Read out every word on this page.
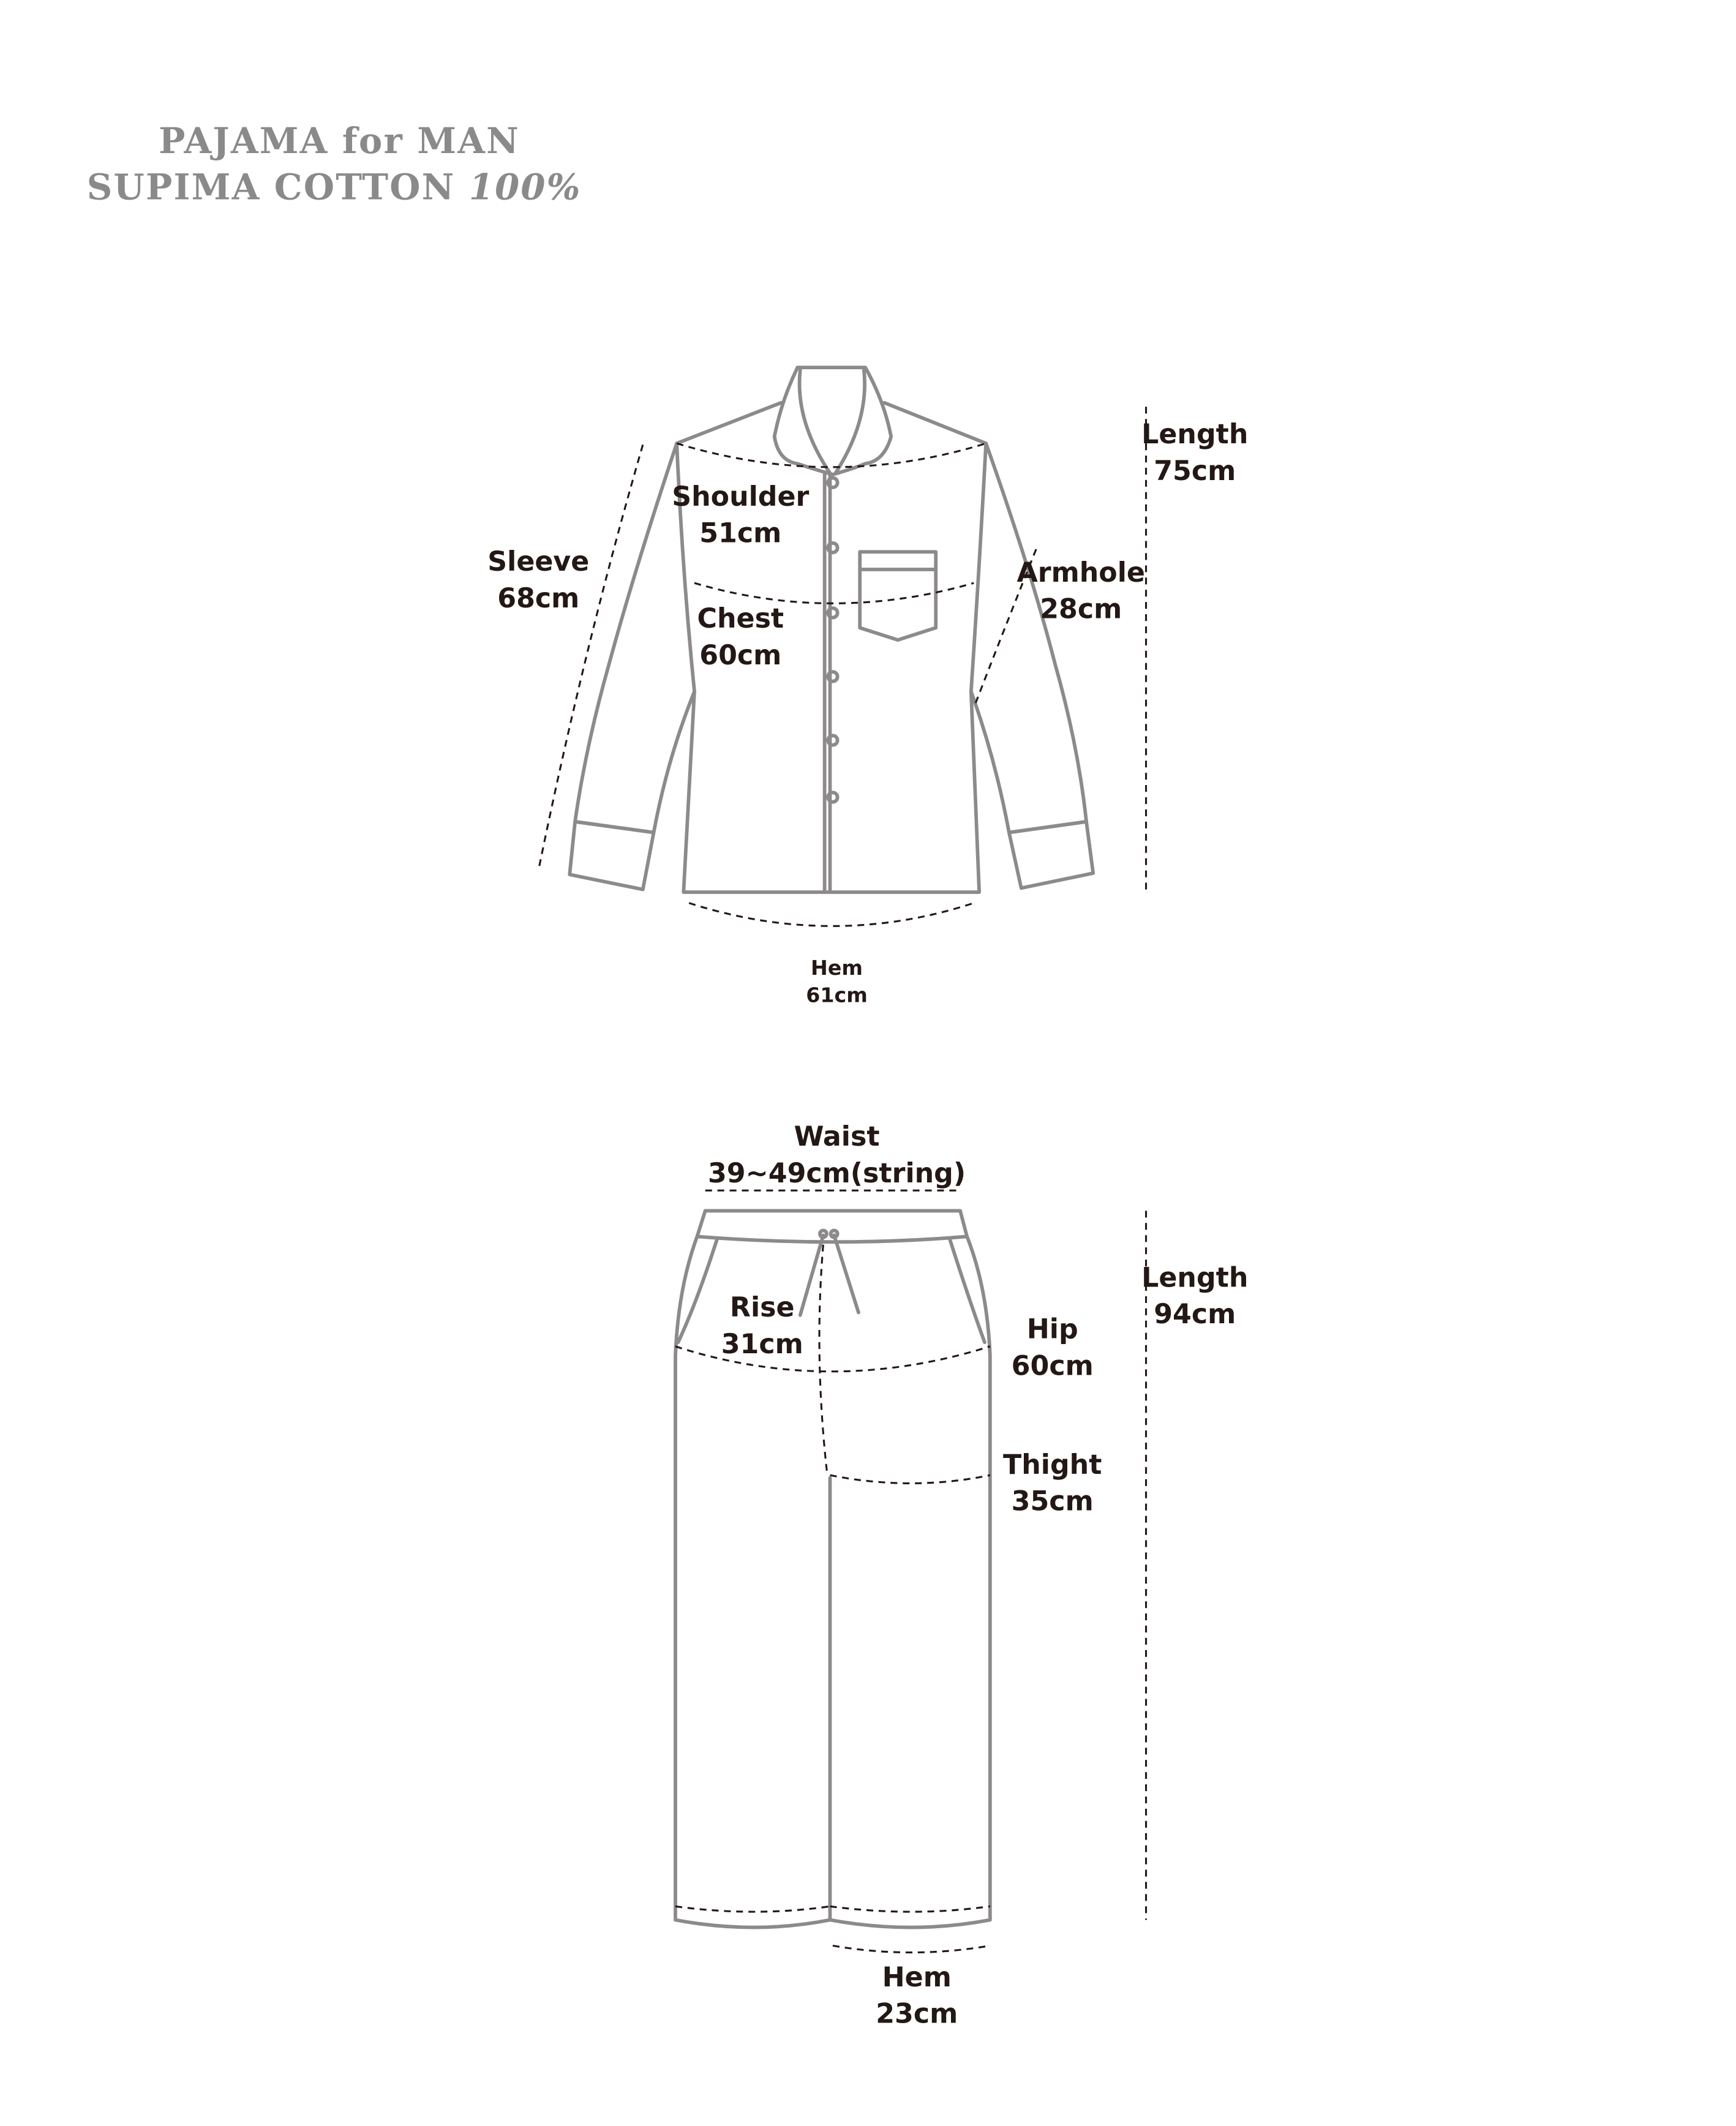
PAJAMA for MAN
SUPIMA COTTON 100%
Length
75cm
Shoulder
51cm
Sleeve
68cm
Armhole
28cm
Chest
60cm
Hem
61cm
Waist
39~49cm(string)
Length
94cm
Rise
31cm	Hip
60cm
Thight
35cm
Hem
23cm
